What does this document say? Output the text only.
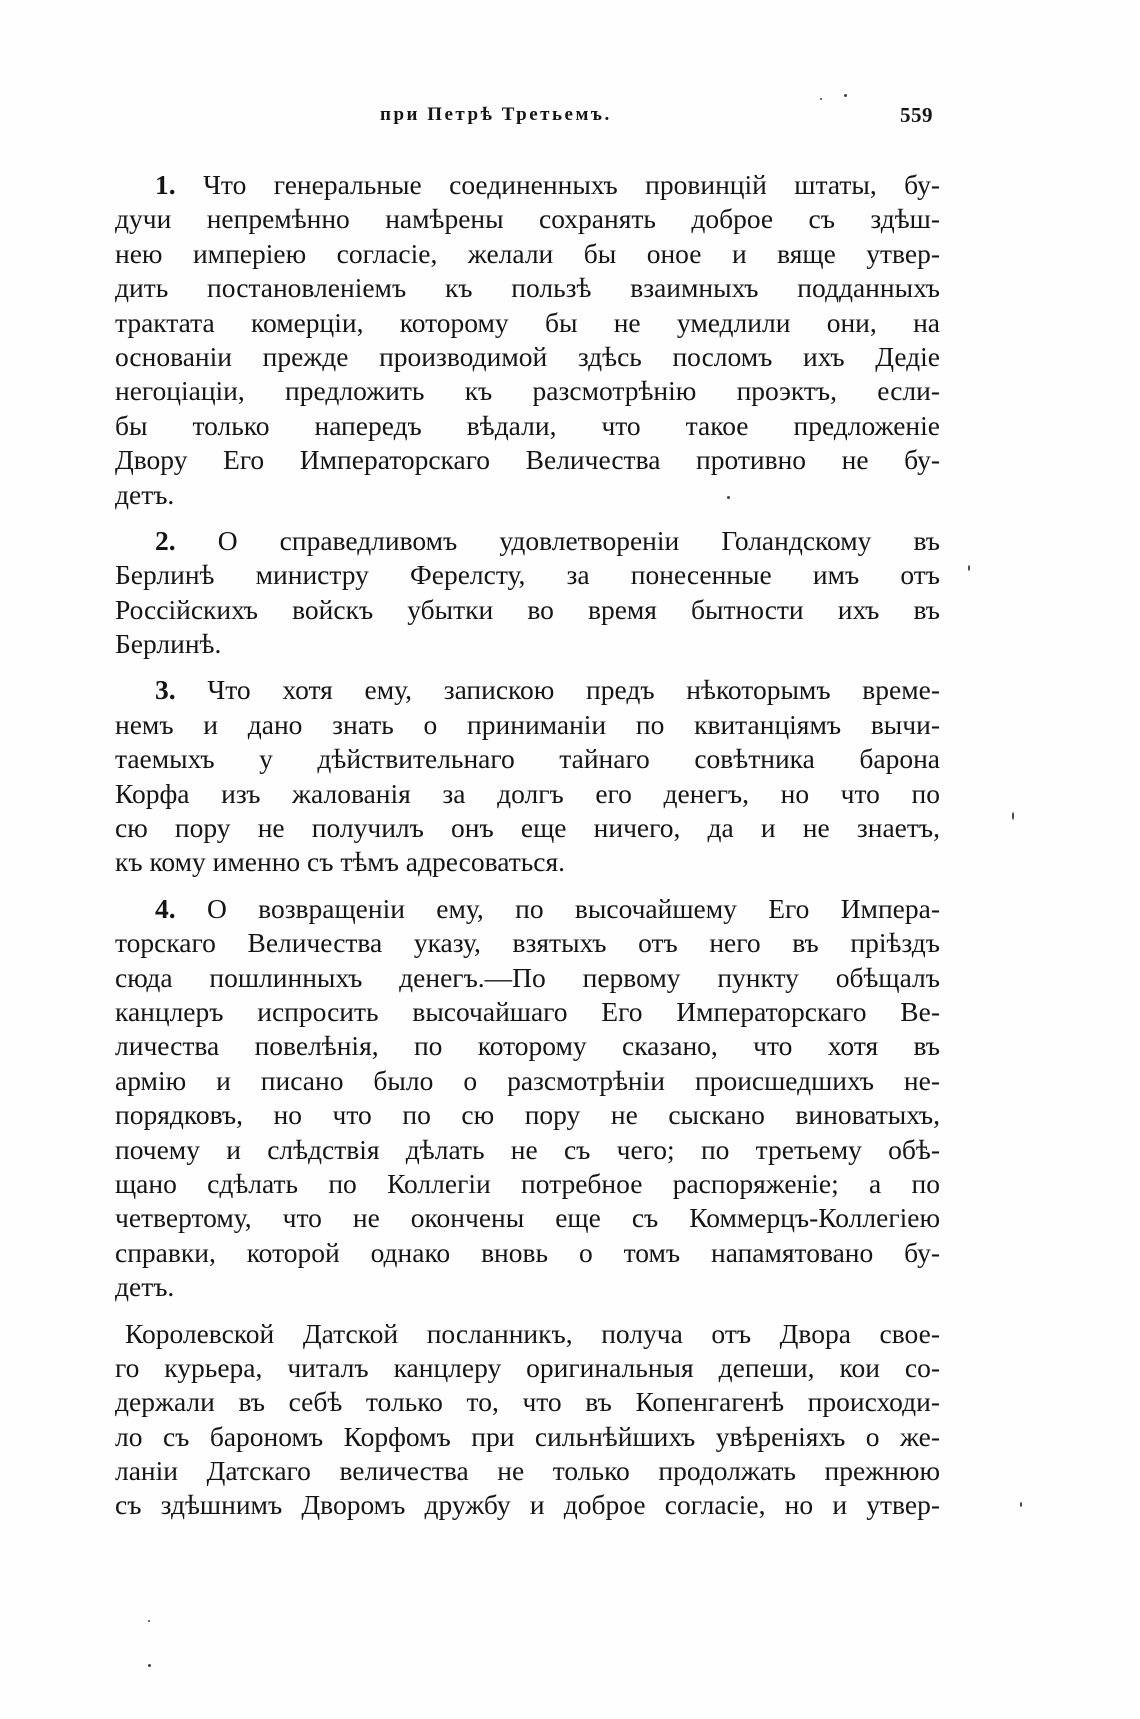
при Петрѣ Третьемъ.	559
1. Что генеральные соединенныхъ провинцій штаты, бу-
дучи непремѣнно намѣрены сохранять доброе съ здѣш-
нею имперіею согласіе, желали бы оное и вяще утвер-
дить постановленіемъ къ пользѣ взаимныхъ подданныхъ
трактата комерціи, которому бы не умедлили они, на
основаніи прежде производимой здѣсь посломъ ихъ Дедіе
негоціаціи, предложить къ разсмотрѣнію проэктъ, если-
бы только напередъ вѣдали, что такое предложеніе
Двору Его Императорскаго Величества противно не бу-
детъ.
2. О справедливомъ удовлетвореніи Голандскому въ
Берлинѣ министру Ферелсту, за понесенные имъ отъ
Россійскихъ войскъ убытки во время бытности ихъ въ
Берлинѣ.
3. Что хотя ему, запискою предъ нѣкоторымъ време-
немъ и дано знать о приниманіи по квитанціямъ вычи-
таемыхъ у дѣйствительнаго тайнаго совѣтника барона
Корфа изъ жалованія за долгъ его денегъ, но что по
сю пору не получилъ онъ еще ничего, да и не знаетъ,
къ кому именно съ тѣмъ адресоваться.
4. О возвращеніи ему, по высочайшему Его Импера-
торскаго Величества указу, взятыхъ отъ него въ пріѣздъ
сюда пошлинныхъ денегъ.—По первому пункту обѣщалъ
канцлеръ испросить высочайшаго Его Императорскаго Ве-
личества повелѣнія, по которому сказано, что хотя въ
армію и писано было о разсмотрѣніи происшедшихъ не-
порядковъ, но что по сю пору не сыскано виноватыхъ,
почему и слѣдствія дѣлать не съ чего; по третьему обѣ-
щано сдѣлать по Коллегіи потребное распоряженіе; а по
четвертому, что не окончены еще съ Коммерцъ-Коллегіею
справки, которой однако вновь о томъ напамятовано бу-
детъ.
Королевской Датской посланникъ, получа отъ Двора свое-
го курьера, читалъ канцлеру оригинальныя депеши, кои со-
держали въ себѣ только то, что въ Копенгагенѣ происходи-
ло съ барономъ Корфомъ при сильнѣйшихъ увѣреніяхъ о же-
ланіи Датскаго величества не только продолжать прежнюю
съ здѣшнимъ Дворомъ дружбу и доброе согласіе, но и утвер-
